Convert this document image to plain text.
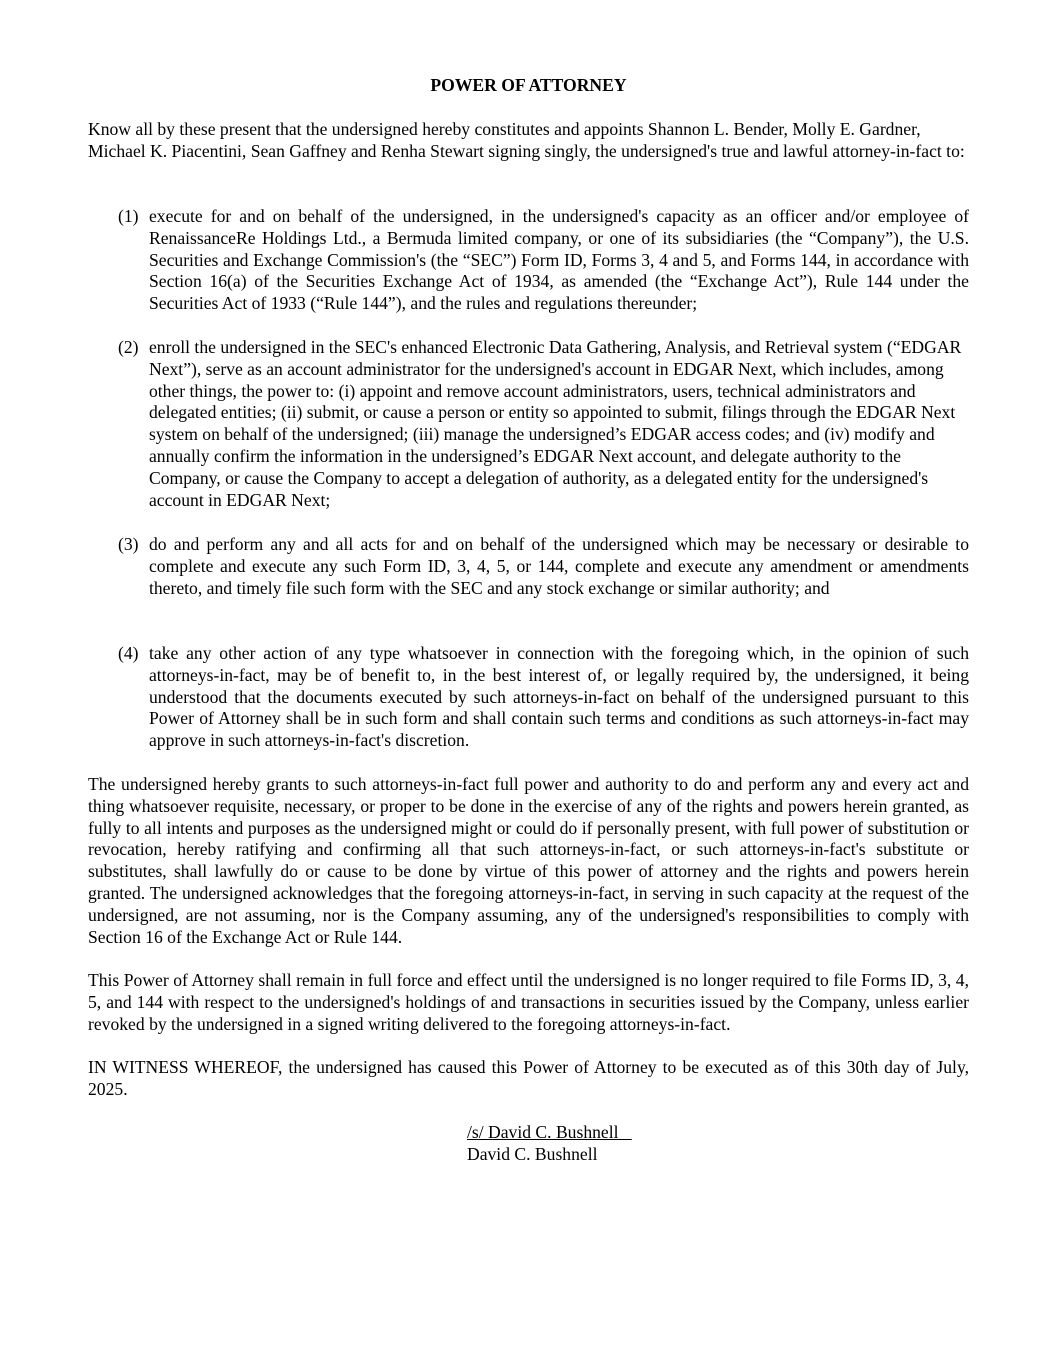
POWER OF ATTORNEY

Know all by these present that the undersigned hereby constitutes and appoints Shannon L. Bender, Molly E. Gardner, Michael K. Piacentini, Sean Gaffney and Renha Stewart signing singly, the undersigned's true and lawful attorney-in-fact to:

(1) execute for and on behalf of the undersigned, in the undersigned's capacity as an officer and/or employee of RenaissanceRe Holdings Ltd., a Bermuda limited company, or one of its subsidiaries (the “Company”), the U.S. Securities and Exchange Commission's (the “SEC”) Form ID, Forms 3, 4 and 5, and Forms 144, in accordance with Section 16(a) of the Securities Exchange Act of 1934, as amended (the “Exchange Act”), Rule 144 under the Securities Act of 1933 (“Rule 144”), and the rules and regulations thereunder;
(2) enroll the undersigned in the SEC's enhanced Electronic Data Gathering, Analysis, and Retrieval system (“EDGAR Next”), serve as an account administrator for the undersigned's account in EDGAR Next, which includes, among other things, the power to: (i) appoint and remove account administrators, users, technical administrators and delegated entities; (ii) submit, or cause a person or entity so appointed to submit, filings through the EDGAR Next system on behalf of the undersigned; (iii) manage the undersigned’s EDGAR access codes; and (iv) modify and annually confirm the information in the undersigned’s EDGAR Next account, and delegate authority to the Company, or cause the Company to accept a delegation of authority, as a delegated entity for the undersigned's account in EDGAR Next;
(3) do and perform any and all acts for and on behalf of the undersigned which may be necessary or desirable to complete and execute any such Form ID, 3, 4, 5, or 144, complete and execute any amendment or amendments thereto, and timely file such form with the SEC and any stock exchange or similar authority; and
(4) take any other action of any type whatsoever in connection with the foregoing which, in the opinion of such attorneys-in-fact, may be of benefit to, in the best interest of, or legally required by, the undersigned, it being understood that the documents executed by such attorneys-in-fact on behalf of the undersigned pursuant to this Power of Attorney shall be in such form and shall contain such terms and conditions as such attorneys-in-fact may approve in such attorneys-in-fact's discretion.

The undersigned hereby grants to such attorneys-in-fact full power and authority to do and perform any and every act and thing whatsoever requisite, necessary, or proper to be done in the exercise of any of the rights and powers herein granted, as fully to all intents and purposes as the undersigned might or could do if personally present, with full power of substitution or revocation, hereby ratifying and confirming all that such attorneys-in-fact, or such attorneys-in-fact's substitute or substitutes, shall lawfully do or cause to be done by virtue of this power of attorney and the rights and powers herein granted. The undersigned acknowledges that the foregoing attorneys-in-fact, in serving in such capacity at the request of the undersigned, are not assuming, nor is the Company assuming, any of the undersigned's responsibilities to comply with Section 16 of the Exchange Act or Rule 144.

This Power of Attorney shall remain in full force and effect until the undersigned is no longer required to file Forms ID, 3, 4, 5, and 144 with respect to the undersigned's holdings of and transactions in securities issued by the Company, unless earlier revoked by the undersigned in a signed writing delivered to the foregoing attorneys-in-fact.

IN WITNESS WHEREOF, the undersigned has caused this Power of Attorney to be executed as of this 30th day of July, 2025.

/s/ David C. Bushnell
David C. Bushnell
